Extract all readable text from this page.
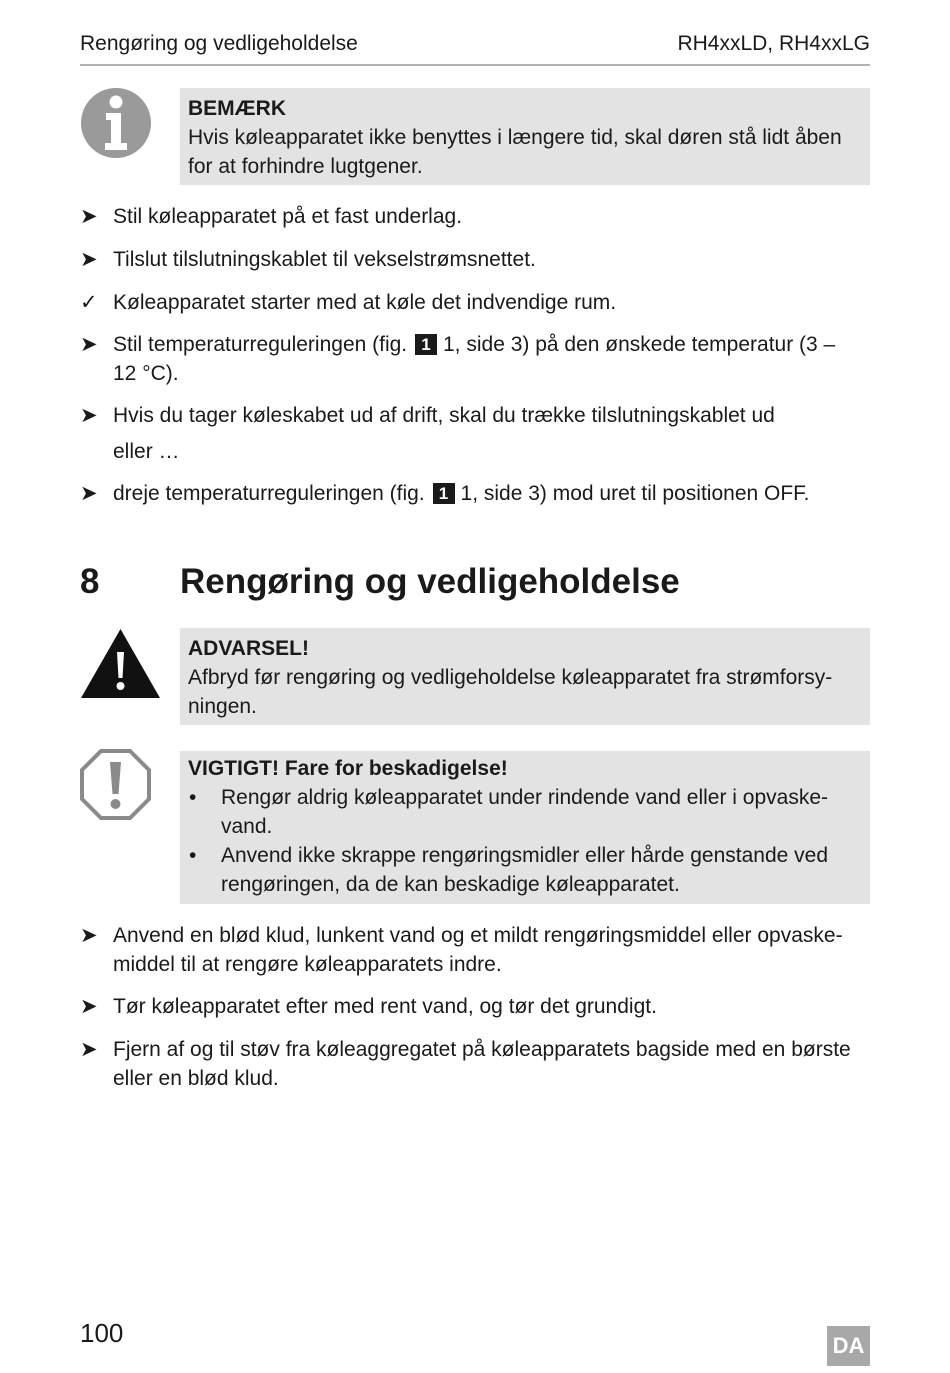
Rengøring og vedligeholdelse	RH4xxLD, RH4xxLG
BEMÆRK
Hvis køleapparatet ikke benyttes i længere tid, skal døren stå lidt åben for at forhindre lugtgener.
➤ Stil køleapparatet på et fast underlag.
➤ Tilslut tilslutningskablet til vekselstrømsnettet.
✓ Køleapparatet starter med at køle det indvendige rum.
➤ Stil temperaturreguleringen (fig. 1 1, side 3) på den ønskede temperatur (3 – 12 °C).
➤ Hvis du tager køleskabet ud af drift, skal du trække tilslutningskablet ud
eller …
➤ dreje temperaturreguleringen (fig. 1 1, side 3) mod uret til positionen OFF.
8 Rengøring og vedligeholdelse
ADVARSEL!
Afbryd før rengøring og vedligeholdelse køleapparatet fra strømforsy-ningen.
VIGTIGT! Fare for beskadigelse!
• Rengør aldrig køleapparatet under rindende vand eller i opvaske-vand.
• Anvend ikke skrappe rengøringsmidler eller hårde genstande ved rengøringen, da de kan beskadige køleapparatet.
➤ Anvend en blød klud, lunkent vand og et mildt rengøringsmiddel eller opvaske-middel til at rengøre køleapparatets indre.
➤ Tør køleapparatet efter med rent vand, og tør det grundigt.
➤ Fjern af og til støv fra køleaggregatet på køleapparatets bagside med en børste eller en blød klud.
100	DA
